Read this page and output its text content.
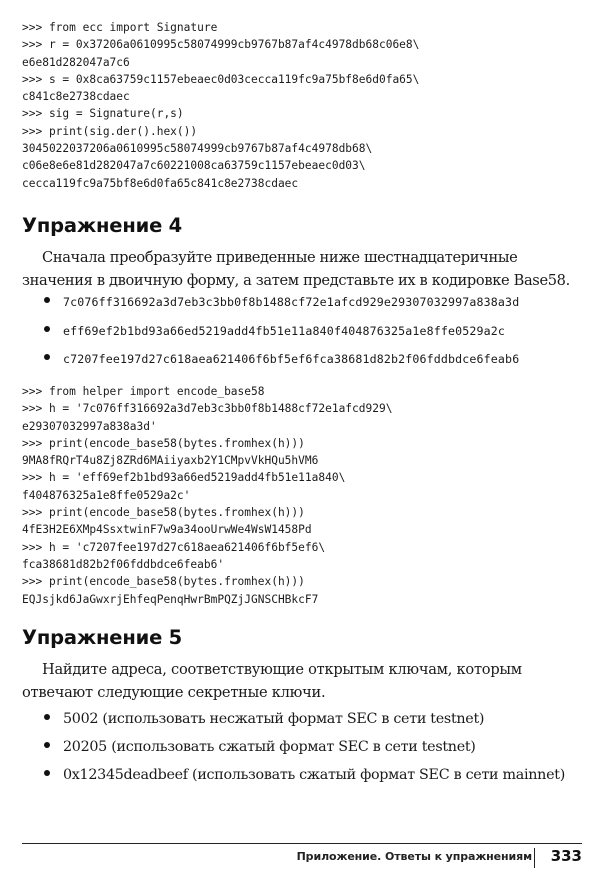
>>> from ecc import Signature
>>> r = 0x37206a0610995c58074999cb9767b87af4c4978db68c06e8\
e6e81d282047a7c6
>>> s = 0x8ca63759c1157ebeaec0d03cecca119fc9a75bf8e6d0fa65\
c841c8e2738cdaec
>>> sig = Signature(r,s)
>>> print(sig.der().hex())
3045022037206a0610995c58074999cb9767b87af4c4978db68\
c06e8e6e81d282047a7c60221008ca63759c1157ebeaec0d03\
cecca119fc9a75bf8e6d0fa65c841c8e2738cdaec
Упражнение 4

Сначала преобразуйте приведенные ниже шестнадцатеричные значения в двоичную форму, а затем представьте их в кодировке Base58.

7c076ff316692a3d7eb3c3bb0f8b1488cf72e1afcd929e29307032997a838a3d
eff69ef2b1bd93a66ed5219add4fb51e11a840f404876325a1e8ffe0529a2c
c7207fee197d27c618aea621406f6bf5ef6fca38681d82b2f06fddbdce6feab6
>>> from helper import encode_base58
>>> h = '7c076ff316692a3d7eb3c3bb0f8b1488cf72e1afcd929\
e29307032997a838a3d'
>>> print(encode_base58(bytes.fromhex(h)))
9MA8fRQrT4u8Zj8ZRd6MAiiyaxb2Y1CMpvVkHQu5hVM6
>>> h = 'eff69ef2b1bd93a66ed5219add4fb51e11a840\
f404876325a1e8ffe0529a2c'
>>> print(encode_base58(bytes.fromhex(h)))
4fE3H2E6XMp4SsxtwinF7w9a34ooUrwWe4WsW1458Pd
>>> h = 'c7207fee197d27c618aea621406f6bf5ef6\
fca38681d82b2f06fddbdce6feab6'
>>> print(encode_base58(bytes.fromhex(h)))
EQJsjkd6JaGwxrjEhfeqPenqHwrBmPQZjJGNSCHBkcF7
Упражнение 5

Найдите адреса, соответствующие открытым ключам, которым отвечают следующие секретные ключи.

5002 (использовать несжатый формат SEC в сети testnet)
20205 (использовать сжатый формат SEC в сети testnet)
0x12345deadbeef (использовать сжатый формат SEC в сети mainnet)
Приложение. Ответы к упражнениям 333
